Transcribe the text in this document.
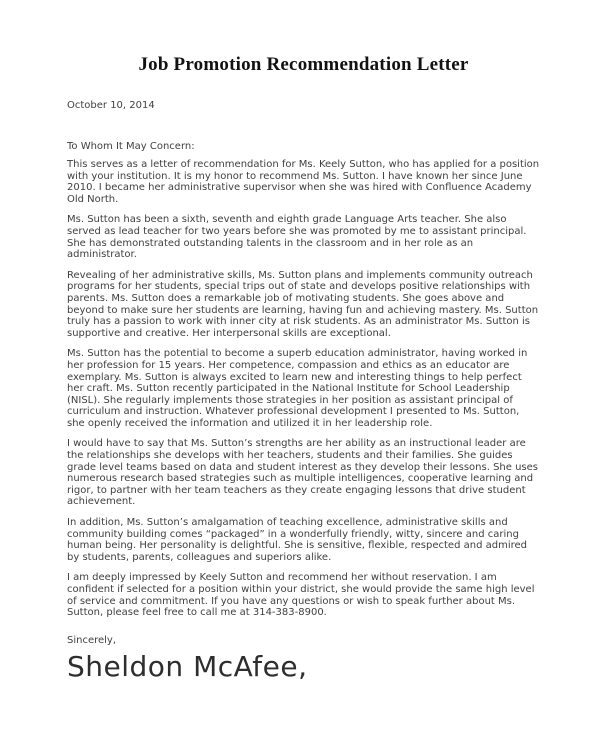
Job Promotion Recommendation Letter

October 10, 2014

To Whom It May Concern:

This serves as a letter of recommendation for Ms. Keely Sutton, who has applied for a position with your institution. It is my honor to recommend Ms. Sutton. I have known her since June 2010. I became her administrative supervisor when she was hired with Confluence Academy Old North.

Ms. Sutton has been a sixth, seventh and eighth grade Language Arts teacher. She also served as lead teacher for two years before she was promoted by me to assistant principal. She has demonstrated outstanding talents in the classroom and in her role as an administrator.

Revealing of her administrative skills, Ms. Sutton plans and implements community outreach programs for her students, special trips out of state and develops positive relationships with parents. Ms. Sutton does a remarkable job of motivating students. She goes above and beyond to make sure her students are learning, having fun and achieving mastery. Ms. Sutton truly has a passion to work with inner city at risk students. As an administrator Ms. Sutton is supportive and creative. Her interpersonal skills are exceptional.

Ms. Sutton has the potential to become a superb education administrator, having worked in her profession for 15 years. Her competence, compassion and ethics as an educator are exemplary. Ms. Sutton is always excited to learn new and interesting things to help perfect her craft. Ms. Sutton recently participated in the National Institute for School Leadership (NISL). She regularly implements those strategies in her position as assistant principal of curriculum and instruction. Whatever professional development I presented to Ms. Sutton, she openly received the information and utilized it in her leadership role.

I would have to say that Ms. Sutton’s strengths are her ability as an instructional leader are the relationships she develops with her teachers, students and their families. She guides grade level teams based on data and student interest as they develop their lessons. She uses numerous research based strategies such as multiple intelligences, cooperative learning and rigor, to partner with her team teachers as they create engaging lessons that drive student achievement.

In addition, Ms. Sutton’s amalgamation of teaching excellence, administrative skills and community building comes “packaged” in a wonderfully friendly, witty, sincere and caring human being. Her personality is delightful. She is sensitive, flexible, respected and admired by students, parents, colleagues and superiors alike.

I am deeply impressed by Keely Sutton and recommend her without reservation. I am confident if selected for a position within your district, she would provide the same high level of service and commitment. If you have any questions or wish to speak further about Ms. Sutton, please feel free to call me at 314-383-8900.

Sincerely,

Sheldon McAfee,
